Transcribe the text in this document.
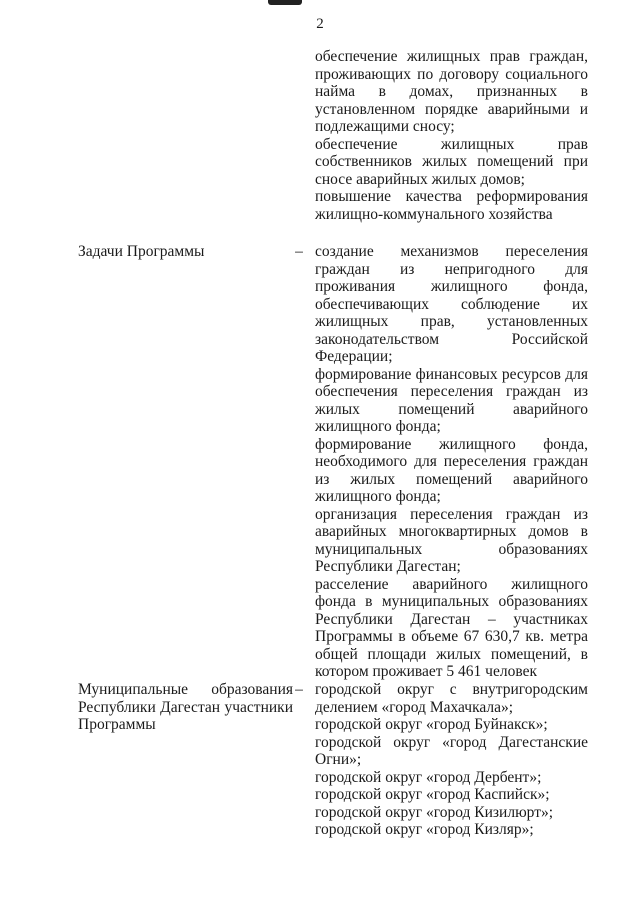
2

обеспечение жилищных прав граждан, проживающих по договору социального найма в домах, признанных в установленном порядке аварийными и подлежащими сносу;

обеспечение жилищных прав собственников жилых помещений при сносе аварийных жилых домов;

повышение качества реформирования жилищно-коммунального хозяйства

Задачи Программы	– создание механизмов переселения граждан из непригодного для проживания жилищного фонда, обеспечивающих соблюдение их жилищных прав, установленных законодательством Российской Федерации;

формирование финансовых ресурсов для обеспечения переселения граждан из жилых помещений аварийного жилищного фонда;

формирование жилищного фонда, необходимого для переселения граждан из жилых помещений аварийного жилищного фонда;

организация переселения граждан из аварийных многоквартирных домов в муниципальных образованиях Республики Дагестан;

расселение аварийного жилищного фонда в муниципальных образованиях Республики Дагестан – участниках Программы в объеме 67 630,7 кв. метра общей площади жилых помещений, в котором проживает 5 461 человек

Муниципальные образования Республики Дагестан участники Программы
– городской округ с внутригородским делением «город Махачкала»;

городской округ «город Буйнакск»;

городской округ «город Дагестанские Огни»;

городской округ «город Дербент»;

городской округ «город Каспийск»;

городской округ «город Кизилюрт»;

городской округ «город Кизляр»;
